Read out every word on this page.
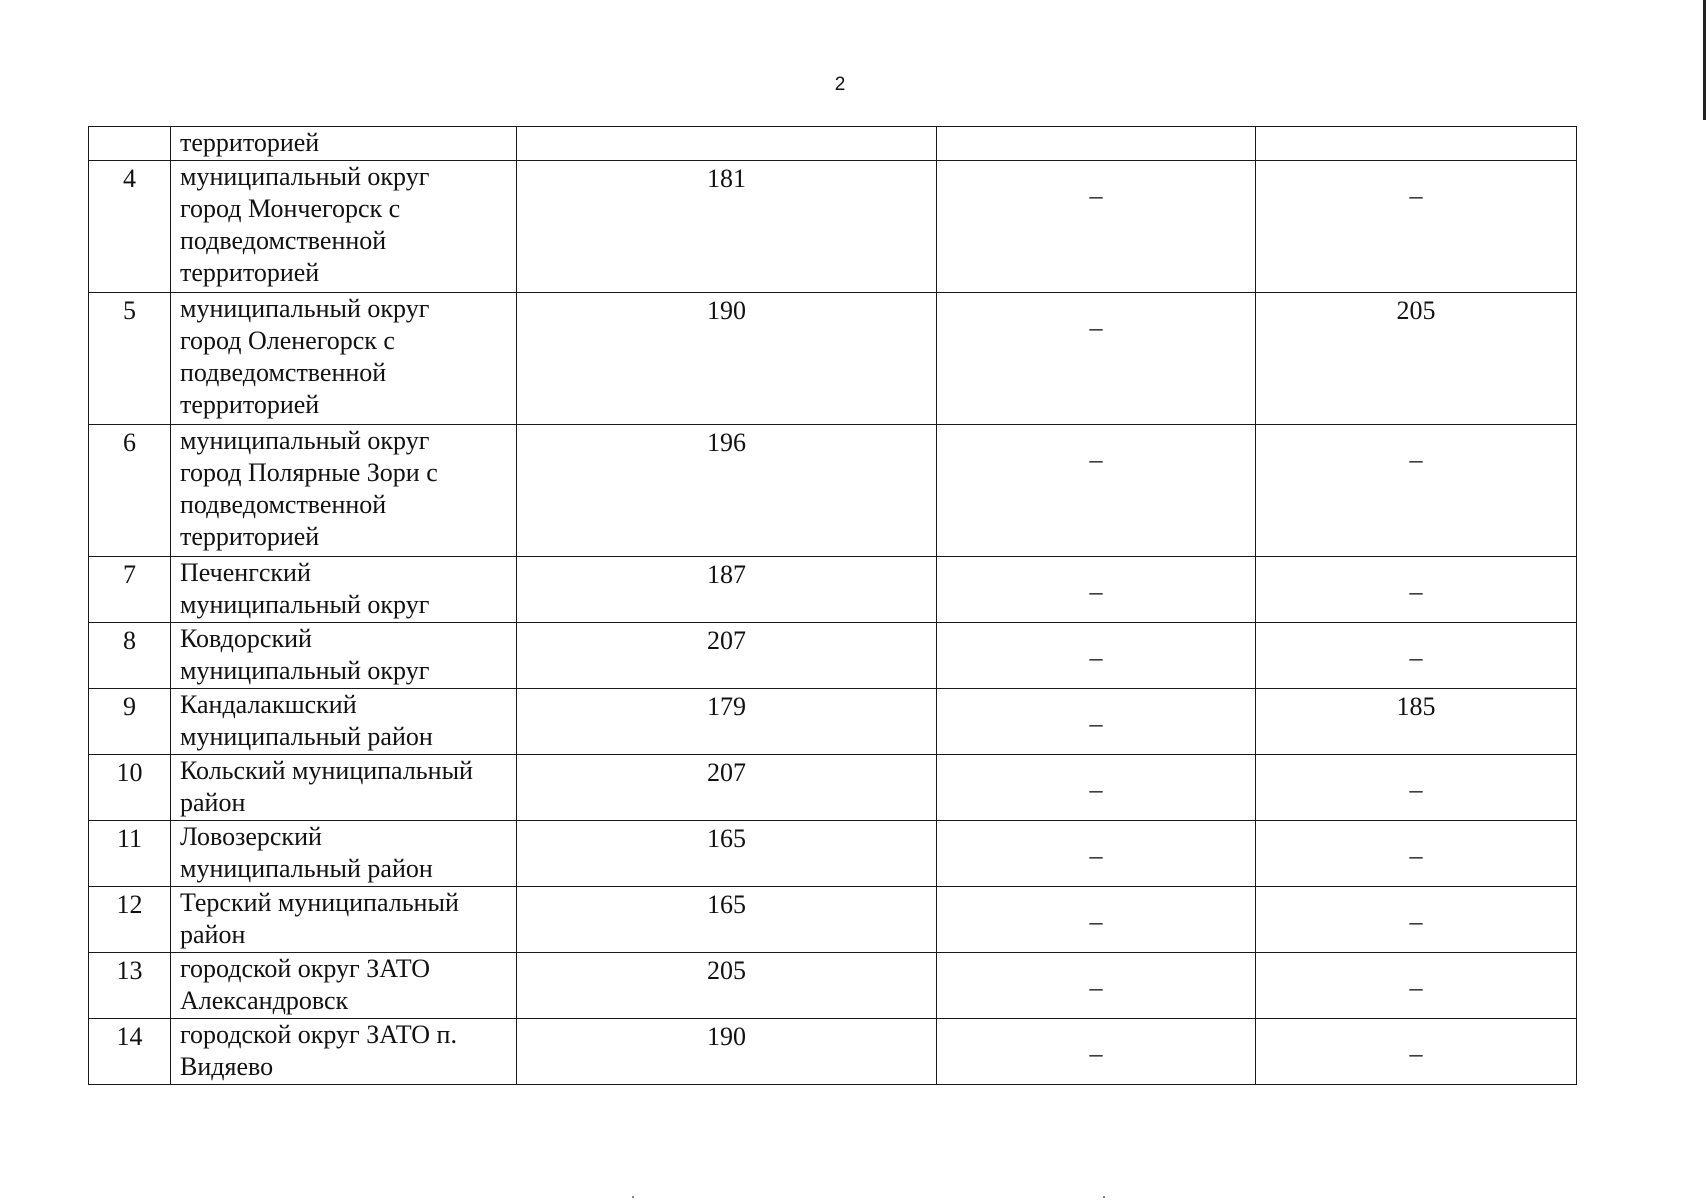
2

	территорией			

4	муниципальный округ
город Мончегорск с
подведомственной
территорией	181	_	_
5	муниципальный округ
город Оленегорск с
подведомственной
территорией	190	_	205
6	муниципальный округ
город Полярные Зори с
подведомственной
территорией	196	_	_
7	Печенгский
муниципальный округ	187	_	_
8	Ковдорский
муниципальный округ	207	_	_
9	Кандалакшский
муниципальный район	179	_	185
10	Кольский муниципальный
район	207	_	_
11	Ловозерский
муниципальный район	165	_	_
12	Терский муниципальный
район	165	_	_
13	городской округ ЗАТО
Александровск	205	_	_
14	городской округ ЗАТО п.
Видяево	190	_	_
